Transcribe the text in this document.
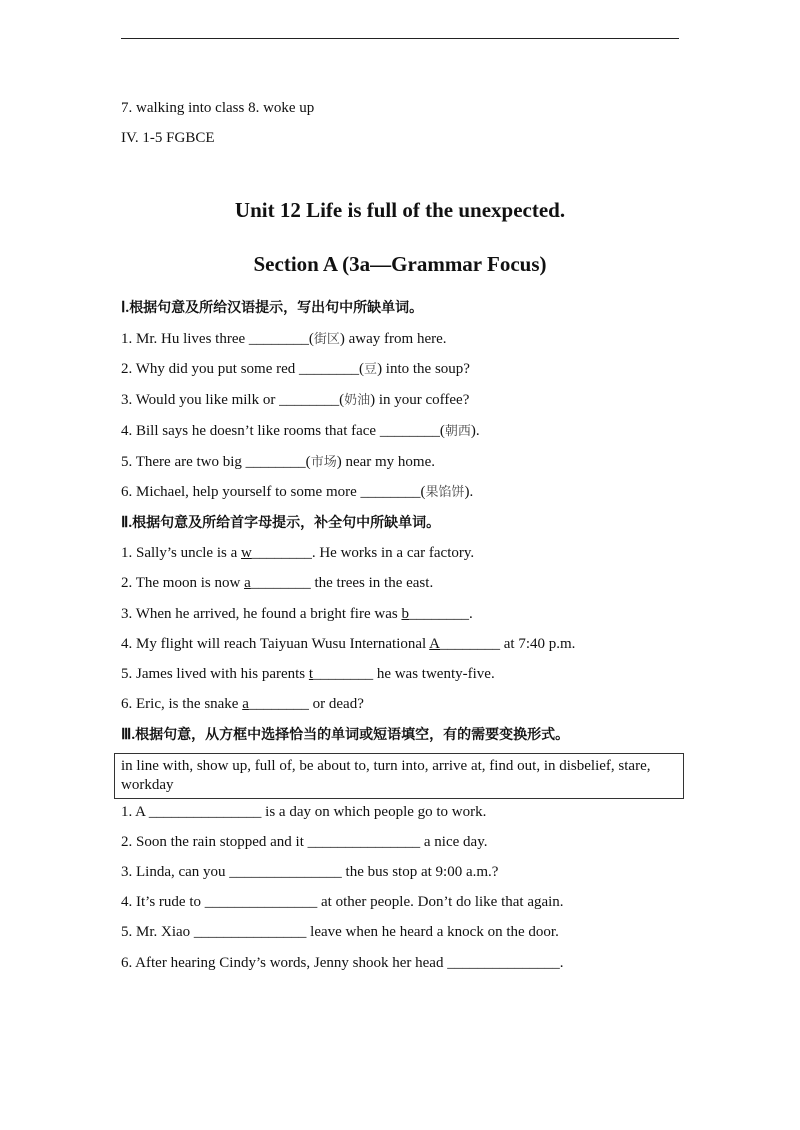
7. walking into class 8. woke up
IV. 1-5 FGBCE
Unit 12 Life is full of the unexpected.
Section A (3a—Grammar Focus)
Ⅰ.根据句意及所给汉语提示，写出句中所缺单词。
1. Mr. Hu lives three ________(街区) away from here.
2. Why did you put some red ________(豆) into the soup?
3. Would you like milk or ________(奶油) in your coffee?
4. Bill says he doesn’t like rooms that face ________(朝西).
5. There are two big ________(市场) near my home.
6. Michael, help yourself to some more ________(果馅饼).
Ⅱ.根据句意及所给首字母提示，补全句中所缺单词。
1. Sally’s uncle is a w________. He works in a car factory.
2. The moon is now a________ the trees in the east.
3. When he arrived, he found a bright fire was b________.
4. My flight will reach Taiyuan Wusu International A________ at 7:40 p.m.
5. James lived with his parents t________ he was twenty-five.
6. Eric, is the snake a________ or dead?
Ⅲ.根据句意，从方框中选择恰当的单词或短语填空，有的需要变换形式。
in line with, show up, full of, be about to, turn into, arrive at, find out, in disbelief, stare, workday
1. A _______________ is a day on which people go to work.
2. Soon the rain stopped and it _______________ a nice day.
3. Linda, can you _______________ the bus stop at 9:00 a.m.?
4. It’s rude to _______________ at other people. Don’t do like that again.
5. Mr. Xiao _______________ leave when he heard a knock on the door.
6. After hearing Cindy’s words, Jenny shook her head _______________.
